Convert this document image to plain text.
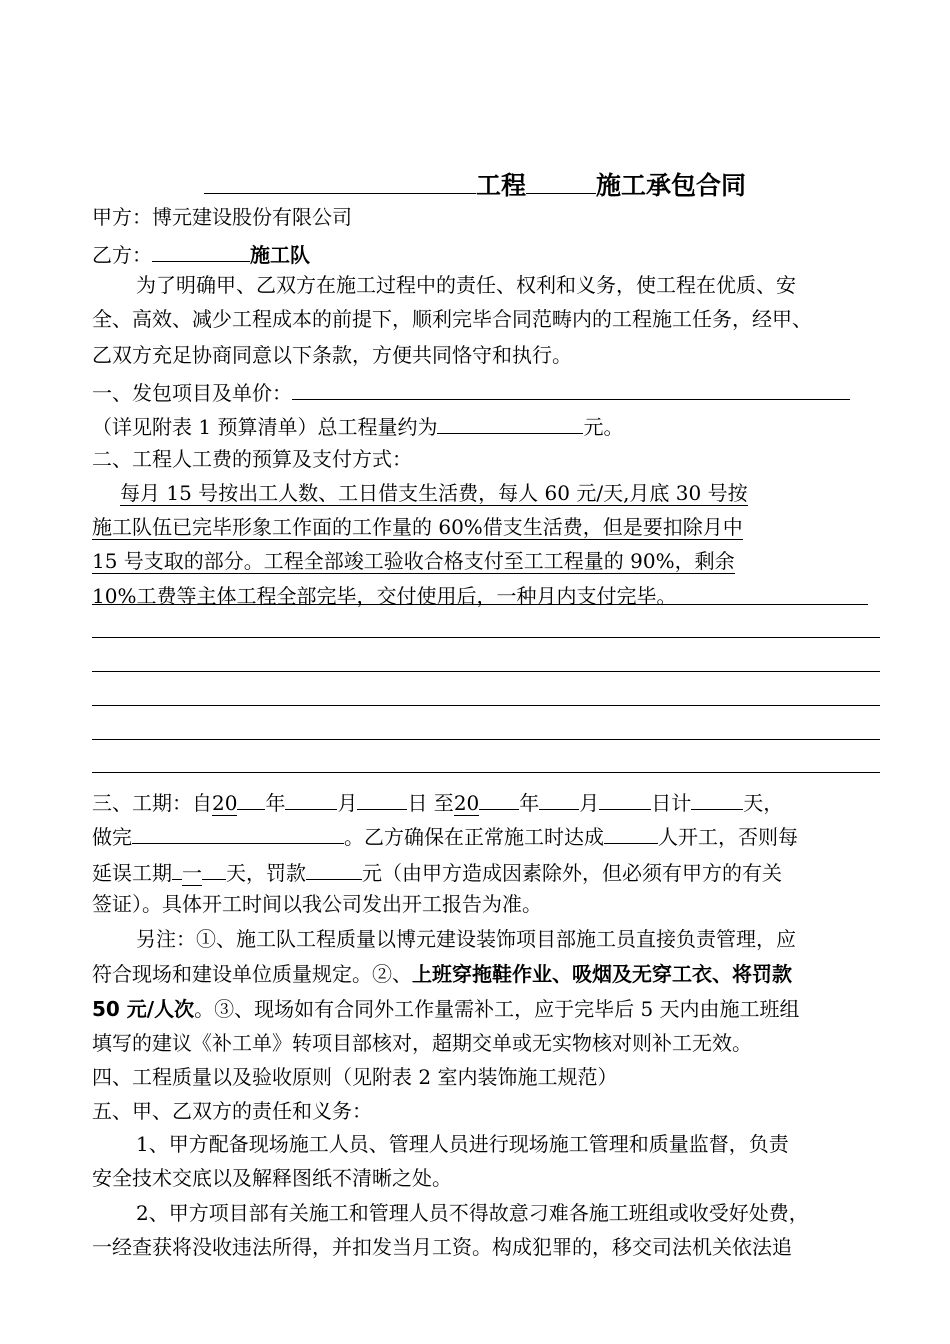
工程	施工承包合同
甲方：博元建设股份有限公司
乙方：	施工队
为了明确甲、乙双方在施工过程中的责任、权利和义务，使工程在优质、安
全、高效、减少工程成本的前提下，顺利完毕合同范畴内的工程施工任务，经甲、
乙双方充足协商同意以下条款，方便共同恪守和执行。
一、发包项目及单价：
（详见附表 1 预算清单）总工程量约为	元。
二、工程人工费的预算及支付方式：
每月 15 号按出工人数、工日借支生活费，每人 60 元/天,月底 30 号按
施工队伍已完毕形象工作面的工作量的 60%借支生活费，但是要扣除月中
15 号支取的部分。工程全部竣工验收合格支付至工工程量的 90%，剩余
10%工费等主体工程全部完毕，交付使用后，一种月内支付完毕。
三、工期：自20 年	月	日 至20 年 月	日计	天，
做完	。乙方确保在正常施工时达成	人开工，否则每
延误工期 一 天，罚款	元（由甲方造成因素除外，但必须有甲方的有关
签证）。具体开工时间以我公司发出开工报告为准。
另注：①、施工队工程质量以博元建设装饰项目部施工员直接负责管理，应
符合现场和建设单位质量规定。②、上班穿拖鞋作业、吸烟及无穿工衣、将罚款
50 元/人次。③、现场如有合同外工作量需补工，应于完毕后 5 天内由施工班组
填写的建议《补工单》转项目部核对，超期交单或无实物核对则补工无效。
四、工程质量以及验收原则（见附表 2 室内装饰施工规范）
五、甲、乙双方的责任和义务：
1、甲方配备现场施工人员、管理人员进行现场施工管理和质量监督，负责
安全技术交底以及解释图纸不清晰之处。
2、甲方项目部有关施工和管理人员不得故意刁难各施工班组或收受好处费，
一经查获将没收违法所得，并扣发当月工资。构成犯罪的，移交司法机关依法追
